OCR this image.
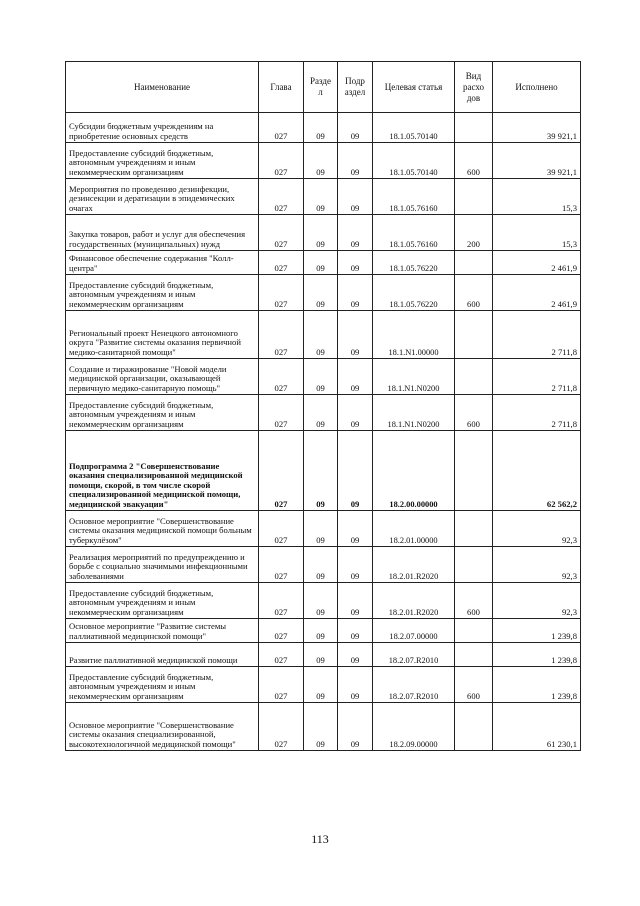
Наименование	Глава	Разде л	Подр аздел	Целевая статья	Вид расхо дов	Исполнено
Субсидии бюджетным учреждениям на приобретение основных средств	027	09	09	18.1.05.70140		39 921,1
Предоставление субсидий бюджетным, автономным учреждениям и иным некоммерческим организациям	027	09	09	18.1.05.70140	600	39 921,1
Мероприятия по проведению дезинфекции, дезинсекции и дератизации в эпидемических очагах	027	09	09	18.1.05.76160		15,3
Закупка товаров, работ и услуг для обеспечения государственных (муниципальных) нужд	027	09	09	18.1.05.76160	200	15,3
Финансовое обеспечение содержания "Колл-центра"	027	09	09	18.1.05.76220		2 461,9
Предоставление субсидий бюджетным, автономным учреждениям и иным некоммерческим организациям	027	09	09	18.1.05.76220	600	2 461,9
Региональный проект Ненецкого автономного округа "Развитие системы оказания первичной медико-санитарной помощи"	027	09	09	18.1.N1.00000		2 711,8
Создание и тиражирование "Новой модели медицинской организации, оказывающей первичную медико-санитарную помощь"	027	09	09	18.1.N1.N0200		2 711,8
Предоставление субсидий бюджетным, автономным учреждениям и иным некоммерческим организациям	027	09	09	18.1.N1.N0200	600	2 711,8
Подпрограмма 2 "Совершенствование оказания специализированной медицинской помощи, скорой, в том числе скорой специализированной медицинской помощи, медицинской эвакуации"	027	09	09	18.2.00.00000		62 562,2
Основное мероприятие "Совершенствование системы оказания медицинской помощи больным туберкулёзом"	027	09	09	18.2.01.00000		92,3
Реализация мероприятий по предупреждению и борьбе с социально значимыми инфекционными заболеваниями	027	09	09	18.2.01.R2020		92,3
Предоставление субсидий бюджетным, автономным учреждениям и иным некоммерческим организациям	027	09	09	18.2.01.R2020	600	92,3
Основное мероприятие "Развитие системы паллиативной медицинской помощи"	027	09	09	18.2.07.00000		1 239,8
Развитие паллиативной медицинской помощи	027	09	09	18.2.07.R2010		1 239,8
Предоставление субсидий бюджетным, автономным учреждениям и иным некоммерческим организациям	027	09	09	18.2.07.R2010	600	1 239,8
Основное мероприятие "Совершенствование системы оказания специализированной, высокотехнологичной медицинской помощи"	027	09	09	18.2.09.00000		61 230,1
113
